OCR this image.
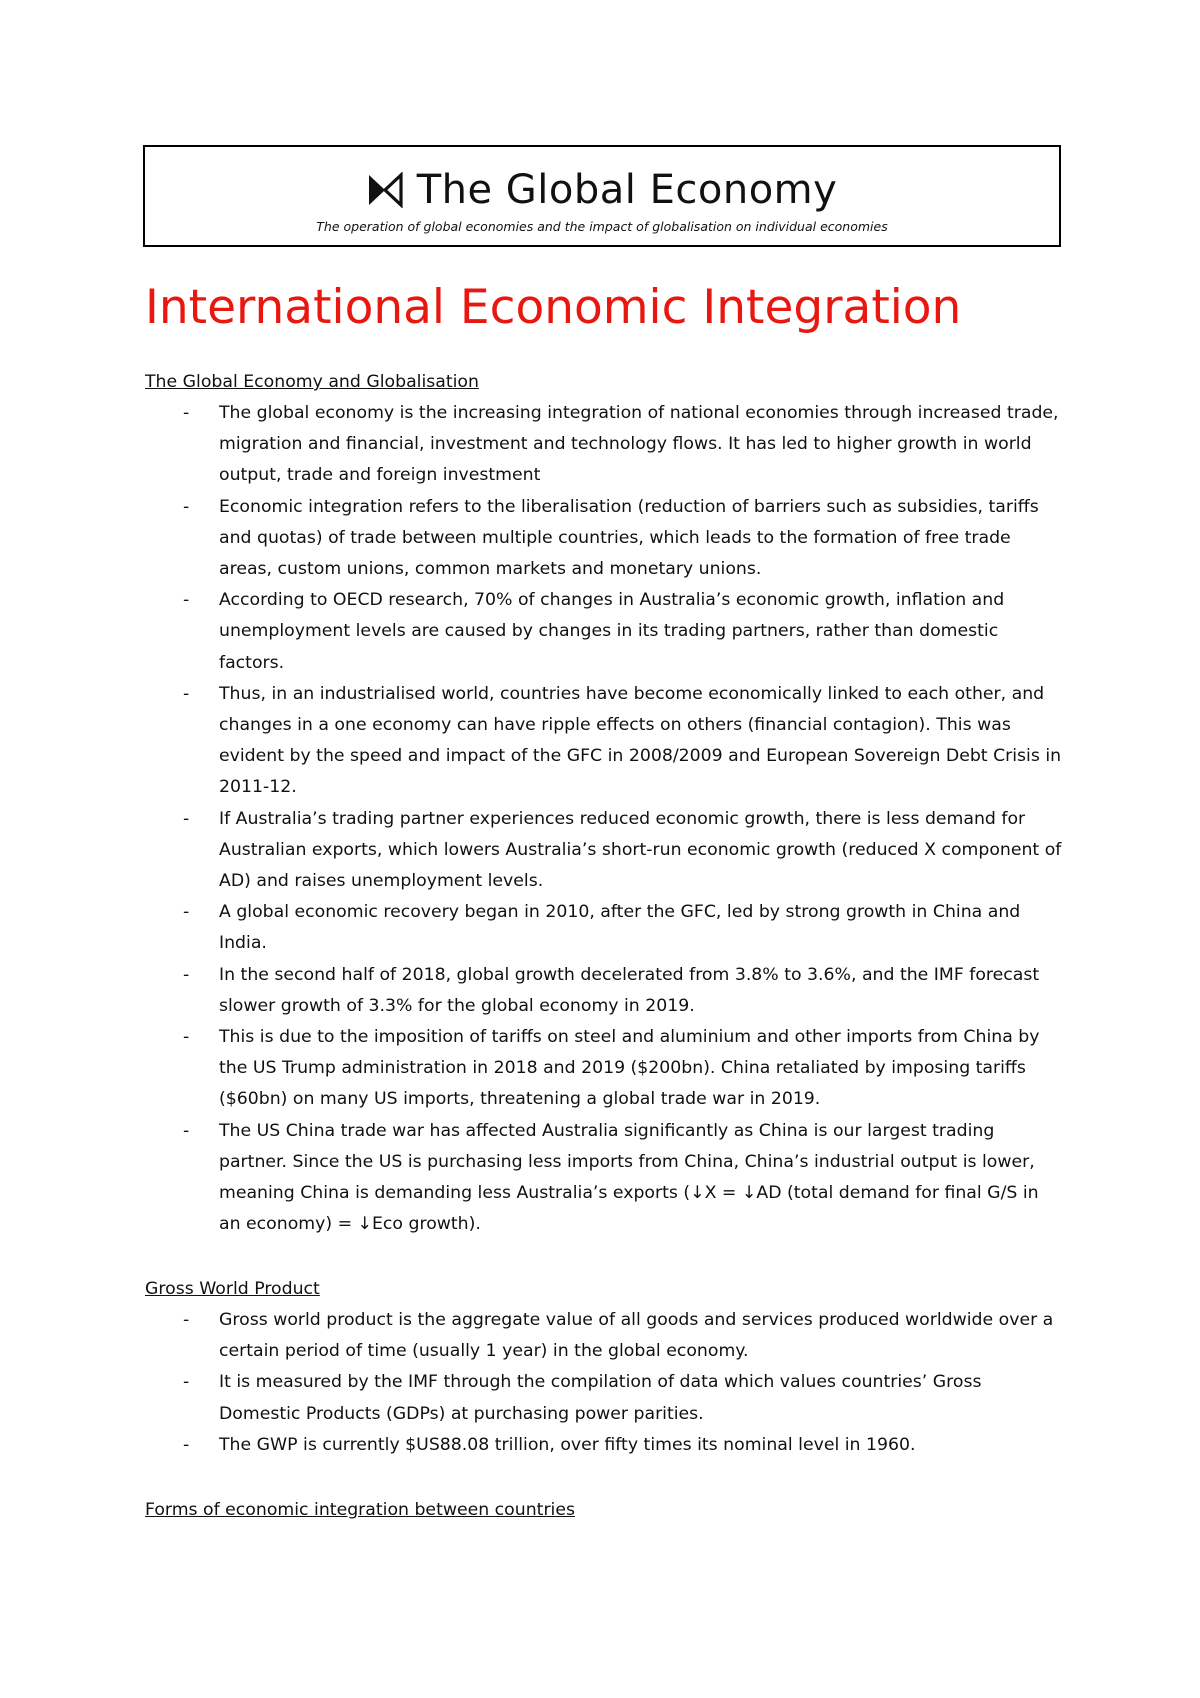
The Global Economy
The operation of global economies and the impact of globalisation on individual economies
International Economic Integration

The Global Economy and Globalisation

- The global economy is the increasing integration of national economies through increased trade, migration and financial, investment and technology flows. It has led to higher growth in world output, trade and foreign investment
- Economic integration refers to the liberalisation (reduction of barriers such as subsidies, tariffs and quotas) of trade between multiple countries, which leads to the formation of free trade areas, custom unions, common markets and monetary unions.
- According to OECD research, 70% of changes in Australia’s economic growth, inflation and unemployment levels are caused by changes in its trading partners, rather than domestic factors.
- Thus, in an industrialised world, countries have become economically linked to each other, and changes in a one economy can have ripple effects on others (financial contagion). This was evident by the speed and impact of the GFC in 2008/2009 and European Sovereign Debt Crisis in 2011-12.
- If Australia’s trading partner experiences reduced economic growth, there is less demand for Australian exports, which lowers Australia’s short-run economic growth (reduced X component of AD) and raises unemployment levels.
- A global economic recovery began in 2010, after the GFC, led by strong growth in China and India.
- In the second half of 2018, global growth decelerated from 3.8% to 3.6%, and the IMF forecast slower growth of 3.3% for the global economy in 2019.
- This is due to the imposition of tariffs on steel and aluminium and other imports from China by the US Trump administration in 2018 and 2019 ($200bn). China retaliated by imposing tariffs ($60bn) on many US imports, threatening a global trade war in 2019.
- The US China trade war has affected Australia significantly as China is our largest trading partner. Since the US is purchasing less imports from China, China’s industrial output is lower, meaning China is demanding less Australia’s exports (↓X = ↓AD (total demand for final G/S in an economy) = ↓Eco growth).

Gross World Product

- Gross world product is the aggregate value of all goods and services produced worldwide over a certain period of time (usually 1 year) in the global economy.
- It is measured by the IMF through the compilation of data which values countries’ Gross Domestic Products (GDPs) at purchasing power parities.
- The GWP is currently $US88.08 trillion, over fifty times its nominal level in 1960.

Forms of economic integration between countries
